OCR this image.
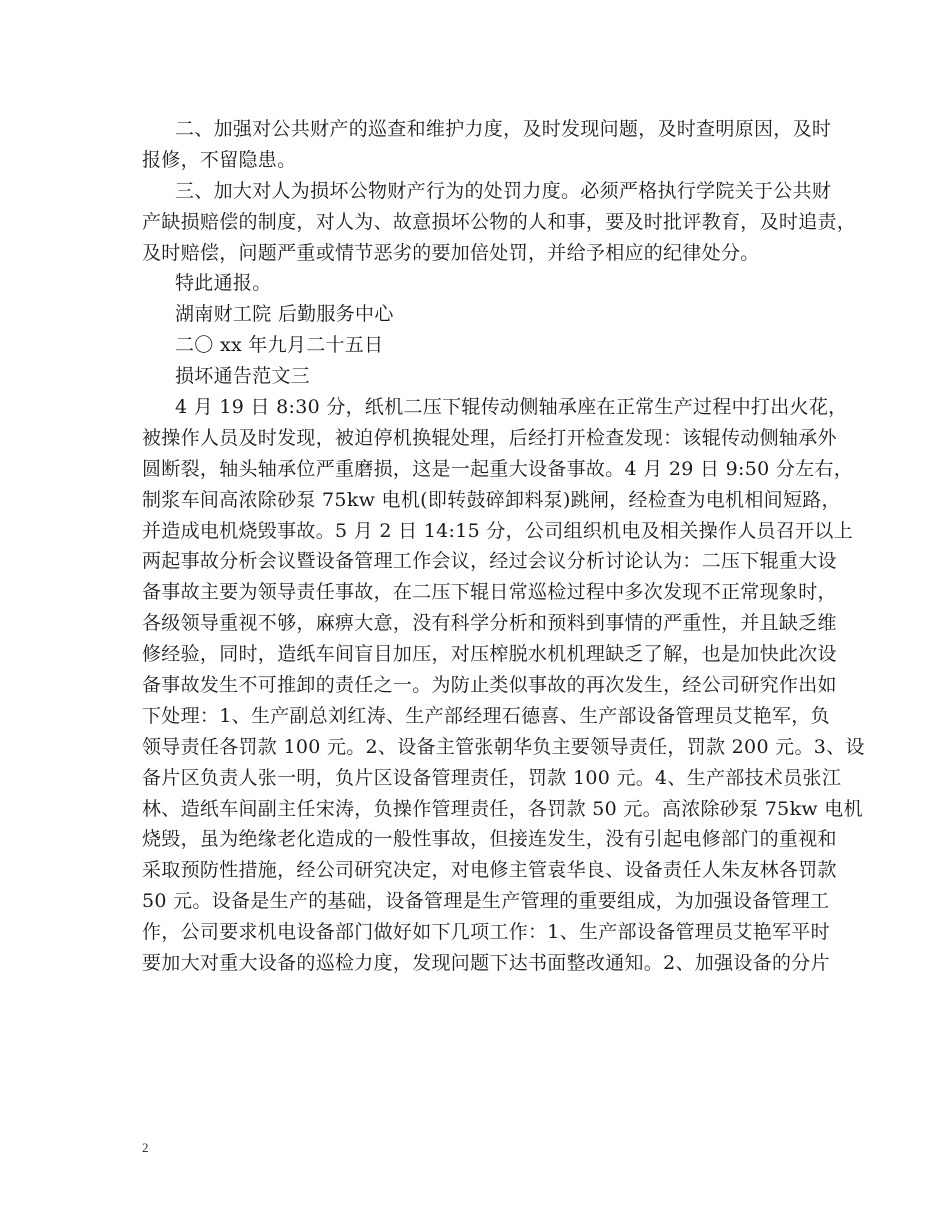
二、加强对公共财产的巡查和维护力度，及时发现问题，及时查明原因，及时
报修，不留隐患。
三、加大对人为损坏公物财产行为的处罚力度。必须严格执行学院关于公共财
产缺损赔偿的制度，对人为、故意损坏公物的人和事，要及时批评教育，及时追责，
及时赔偿，问题严重或情节恶劣的要加倍处罚，并给予相应的纪律处分。
特此通报。
湖南财工院 后勤服务中心
二〇 xx 年九月二十五日
损坏通告范文三
4 月 19 日 8:30 分，纸机二压下辊传动侧轴承座在正常生产过程中打出火花，
被操作人员及时发现，被迫停机换辊处理，后经打开检查发现：该辊传动侧轴承外
圆断裂，轴头轴承位严重磨损，这是一起重大设备事故。4 月 29 日 9:50 分左右，
制浆车间高浓除砂泵 75kw 电机(即转鼓碎卸料泵)跳闸，经检查为电机相间短路，
并造成电机烧毁事故。5 月 2 日 14:15 分，公司组织机电及相关操作人员召开以上
两起事故分析会议暨设备管理工作会议，经过会议分析讨论认为：二压下辊重大设
备事故主要为领导责任事故，在二压下辊日常巡检过程中多次发现不正常现象时，
各级领导重视不够，麻痹大意，没有科学分析和预料到事情的严重性，并且缺乏维
修经验，同时，造纸车间盲目加压，对压榨脱水机机理缺乏了解，也是加快此次设
备事故发生不可推卸的责任之一。为防止类似事故的再次发生，经公司研究作出如
下处理：1、生产副总刘红涛、生产部经理石德喜、生产部设备管理员艾艳军，负
领导责任各罚款 100 元。2、设备主管张朝华负主要领导责任，罚款 200 元。3、设
备片区负责人张一明，负片区设备管理责任，罚款 100 元。4、生产部技术员张江
林、造纸车间副主任宋涛，负操作管理责任，各罚款 50 元。高浓除砂泵 75kw 电机
烧毁，虽为绝缘老化造成的一般性事故，但接连发生，没有引起电修部门的重视和
采取预防性措施，经公司研究决定，对电修主管袁华良、设备责任人朱友林各罚款
50 元。设备是生产的基础，设备管理是生产管理的重要组成，为加强设备管理工
作，公司要求机电设备部门做好如下几项工作：1、生产部设备管理员艾艳军平时
要加大对重大设备的巡检力度，发现问题下达书面整改通知。2、加强设备的分片
2
